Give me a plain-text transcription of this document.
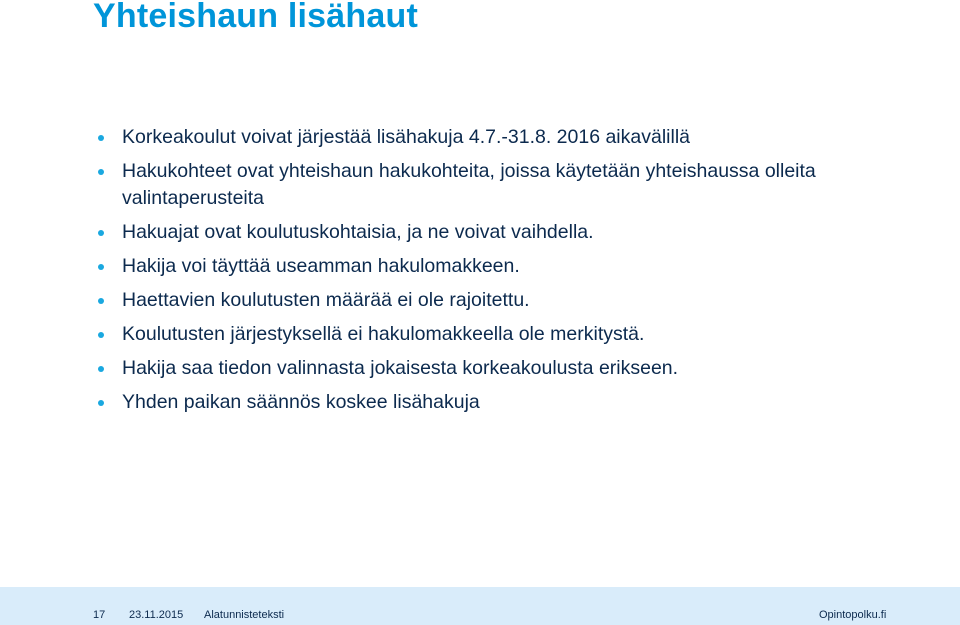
Yhteishaun lisähaut
Korkeakoulut voivat järjestää lisähakuja 4.7.-31.8. 2016 aikavälillä
Hakukohteet ovat yhteishaun hakukohteita, joissa käytetään yhteishaussa olleita valintaperusteita
Hakuajat ovat koulutuskohtaisia, ja ne voivat vaihdella.
Hakija voi täyttää useamman hakulomakkeen.
Haettavien koulutusten määrää ei ole rajoitettu.
Koulutusten järjestyksellä ei hakulomakkeella ole merkitystä.
Hakija saa tiedon valinnasta jokaisesta korkeakoulusta erikseen.
Yhden paikan säännös koskee lisähakuja
17 23.11.2015 Alatunnisteteksti	Opintopolku.fi
